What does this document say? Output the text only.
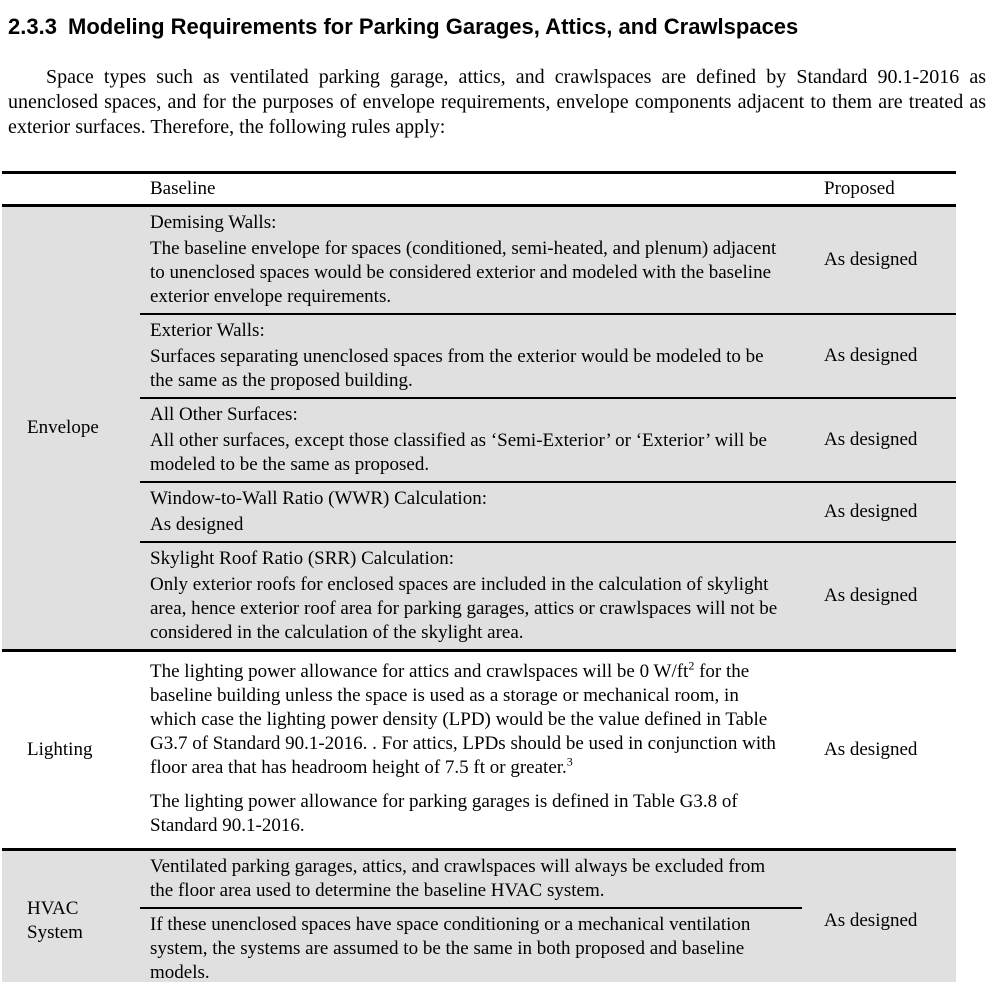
2.3.3 Modeling Requirements for Parking Garages, Attics, and Crawlspaces

Space types such as ventilated parking garage, attics, and crawlspaces are defined by Standard 90.1-2016 as unenclosed spaces, and for the purposes of envelope requirements, envelope components adjacent to them are treated as exterior surfaces. Therefore, the following rules apply:

Baseline	Proposed
Envelope
Demising Walls:
The baseline envelope for spaces (conditioned, semi-heated, and plenum) adjacent to unenclosed spaces would be considered exterior and modeled with the baseline exterior envelope requirements.
As designed
Exterior Walls:
Surfaces separating unenclosed spaces from the exterior would be modeled to be the same as the proposed building.
As designed
All Other Surfaces:
All other surfaces, except those classified as ‘Semi-Exterior’ or ‘Exterior’ will be modeled to be the same as proposed.
As designed
Window-to-Wall Ratio (WWR) Calculation:
As designed
As designed
Skylight Roof Ratio (SRR) Calculation:
Only exterior roofs for enclosed spaces are included in the calculation of skylight area, hence exterior roof area for parking garages, attics or crawlspaces will not be considered in the calculation of the skylight area.
As designed
Lighting
The lighting power allowance for attics and crawlspaces will be 0 W/ft$^2$ for the baseline building unless the space is used as a storage or mechanical room, in which case the lighting power density (LPD) would be the value defined in Table G3.7 of Standard 90.1-2016. . For attics, LPDs should be used in conjunction with floor area that has headroom height of 7.5 ft or greater.$^3$
The lighting power allowance for parking garages is defined in Table G3.8 of Standard 90.1-2016.
As designed
HVAC System
Ventilated parking garages, attics, and crawlspaces will always be excluded from the floor area used to determine the baseline HVAC system.
If these unenclosed spaces have space conditioning or a mechanical ventilation system, the systems are assumed to be the same in both proposed and baseline models.
As designed
